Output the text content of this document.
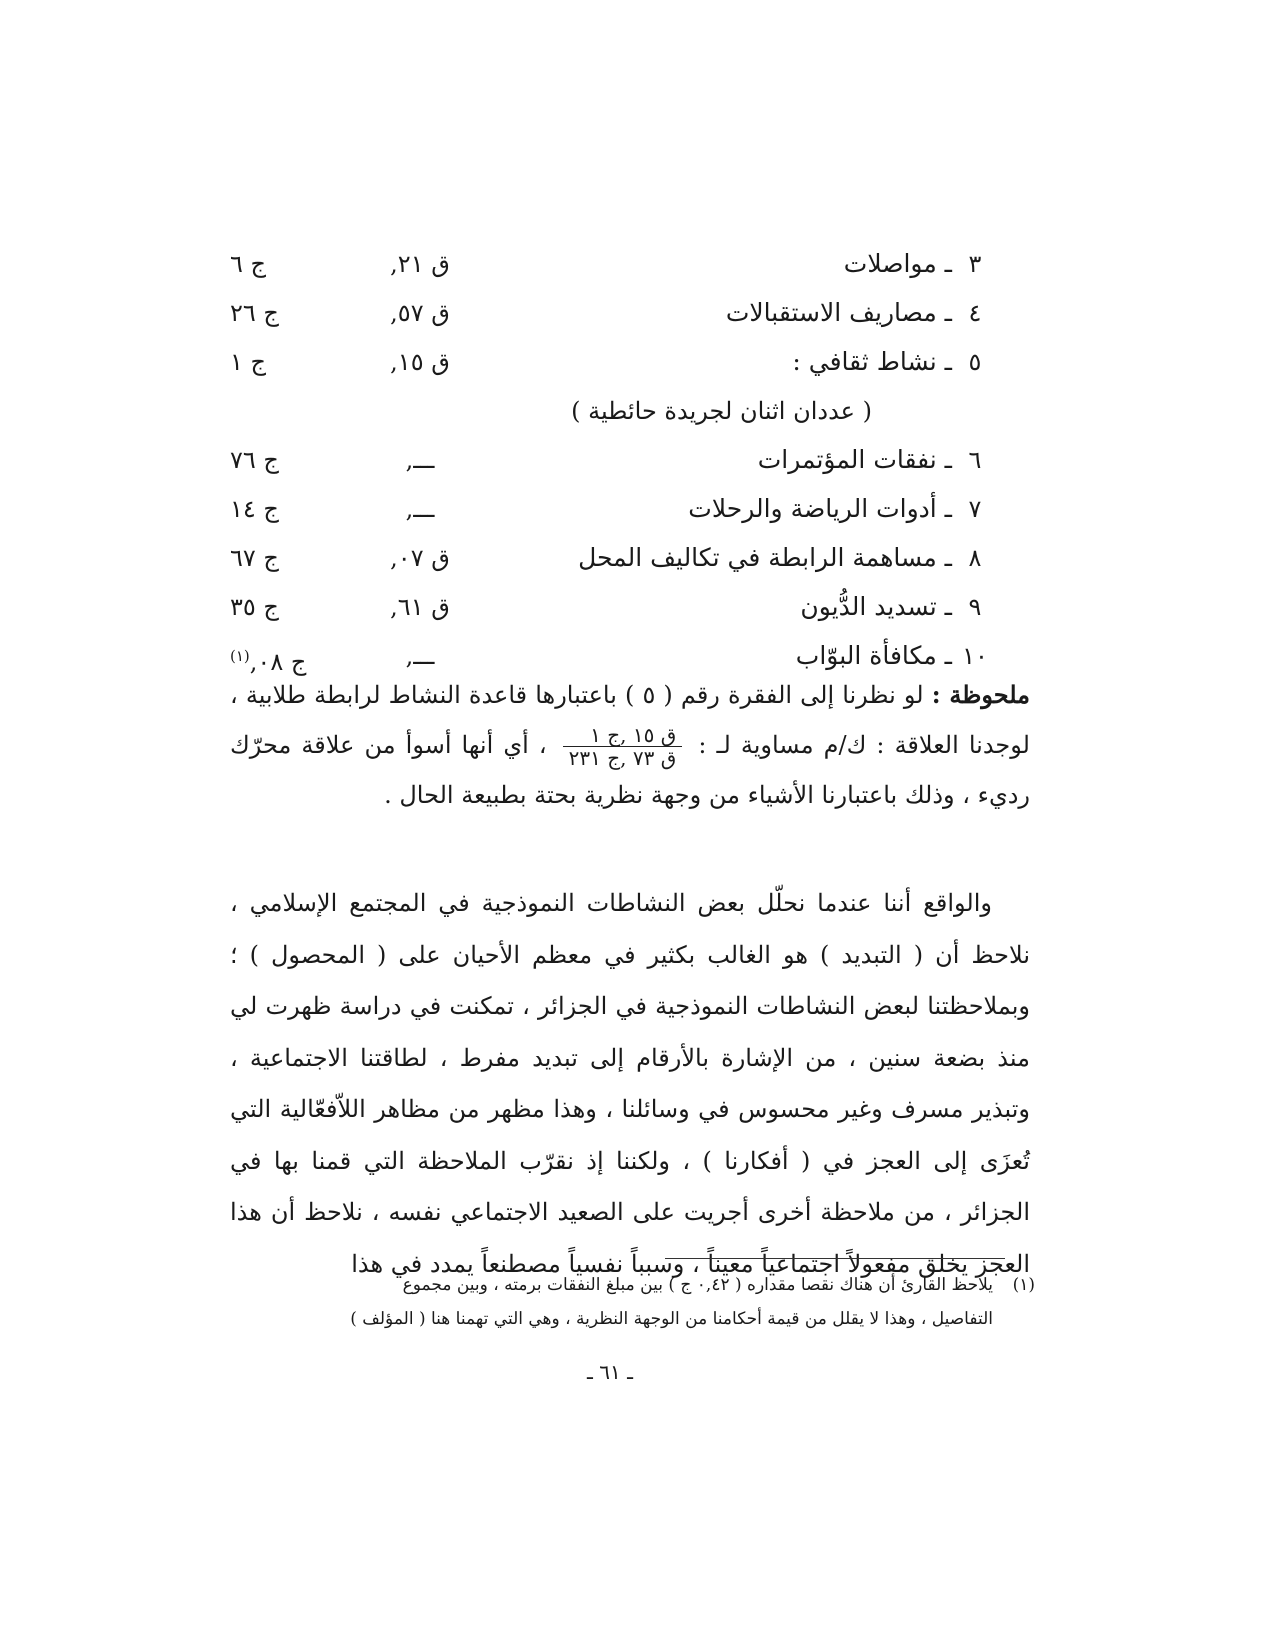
٣
ـ مواصلات
ق ٢١,
ج ٦
٤
ـ مصاريف الاستقبالات
ق ٥٧,
ج ٢٦
٥
ـ نشاط ثقافي :
ق ١٥,
ج ١
( عددان اثنان لجريدة حائطية )
٦
ـ نفقات المؤتمرات
ـــ,
ج ٧٦
٧
ـ أدوات الرياضة والرحلات
ـــ,
ج ١٤
٨
ـ مساهمة الرابطة في تكاليف المحل
ق ٠٧,
ج ٦٧
٩
ـ تسديد الدُّيون
ق ٦١,
ج ٣٥
١٠
ـ مكافأة البوّاب
ـــ,
ج ٠٨,$^{(١)}$
ملحوظة : لو نظرنا إلى الفقرة رقم ( ٥ ) باعتبارها قاعدة النشاط لرابطة طلابية ، لوجدنا العلاقة : ك/م مساوية لـ :
$\frac{\text{ق ١٥ ,ج ١}}{\text{ق ٧٣ ,ج ٢٣١}}$
، أي أنها أسوأ من علاقة محرّك رديء ، وذلك باعتبارنا الأشياء من وجهة نظرية بحتة بطبيعة الحال .
والواقع أننا عندما نحلّل بعض النشاطات النموذجية في المجتمع الإسلامي ، نلاحظ أن ( التبديد ) هو الغالب بكثير في معظم الأحيان على ( المحصول ) ؛ وبملاحظتنا لبعض النشاطات النموذجية في الجزائر ، تمكنت في دراسة ظهرت لي منذ بضعة سنين ، من الإشارة بالأرقام إلى تبديد مفرط ، لطاقتنا الاجتماعية ، وتبذير مسرف وغير محسوس في وسائلنا ، وهذا مظهر من مظاهر اللاّفعّالية التي تُعزَى إلى العجز في ( أفكارنا ) ، ولكننا إذ نقرّب الملاحظة التي قمنا بها في الجزائر ، من ملاحظة أخرى أجريت على الصعيد الاجتماعي نفسه ، نلاحظ أن هذا العجز يخلق مفعولاً اجتماعياً معيناً ، وسبباً نفسياً مصطنعاً يمدد في هذا
(١)يلاحظ القارئ أن هناك نقصا مقداره ( ٠,٤٢ ج ) بين مبلغ النفقات برمته ، وبين مجموع
التفاصيل ، وهذا لا يقلل من قيمة أحكامنا من الوجهة النظرية ، وهي التي تهمنا هنا ( المؤلف )
ـ ٦١ ـ
